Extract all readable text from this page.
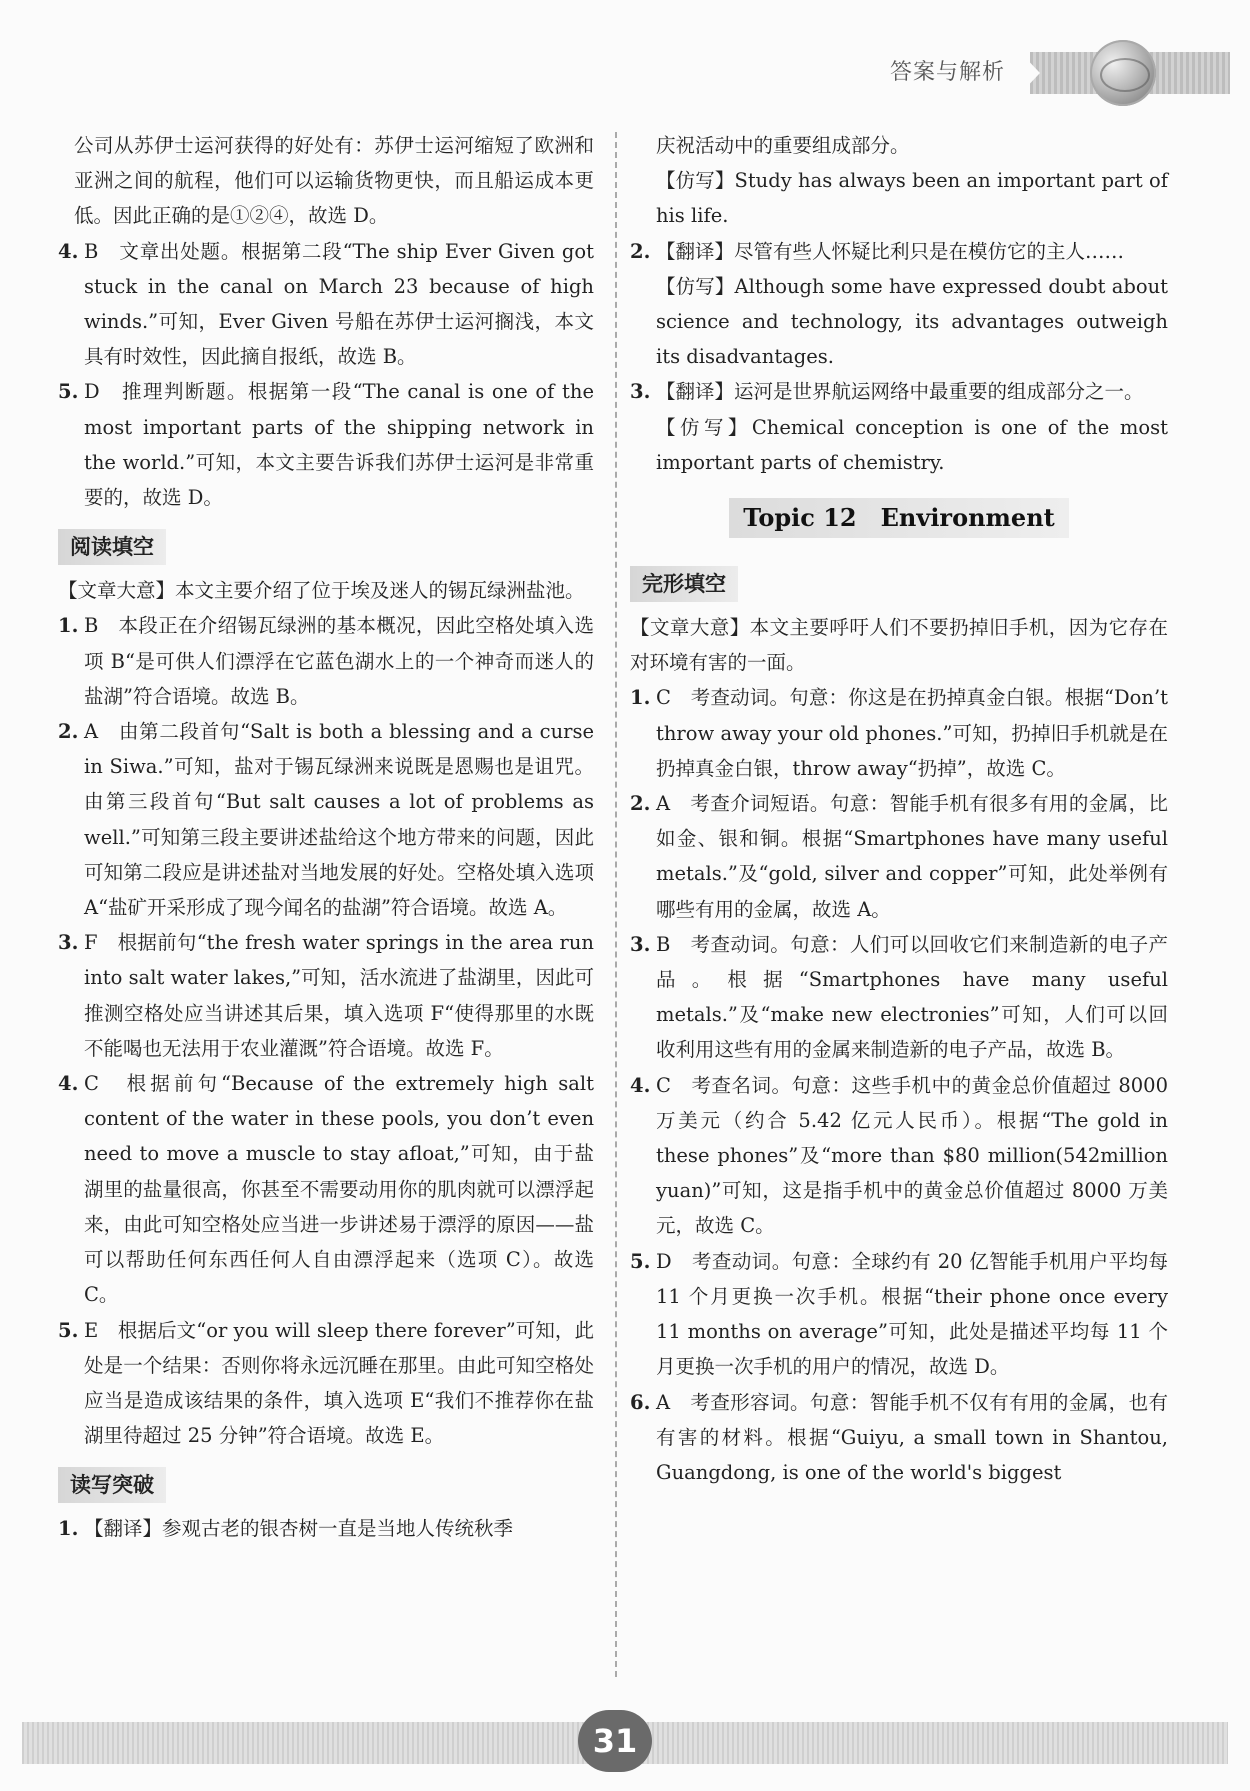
答案与解析
公司从苏伊士运河获得的好处有：苏伊士运河缩短了欧洲和亚洲之间的航程，他们可以运输货物更快，而且船运成本更低。因此正确的是①②④，故选 D。
4. B　文章出处题。根据第二段“The ship Ever Given got stuck in the canal on March 23 because of high winds.”可知，Ever Given 号船在苏伊士运河搁浅，本文具有时效性，因此摘自报纸，故选 B。
5. D　推理判断题。根据第一段“The canal is one of the most important parts of the shipping network in the world.”可知，本文主要告诉我们苏伊士运河是非常重要的，故选 D。
阅读填空
【文章大意】本文主要介绍了位于埃及迷人的锡瓦绿洲盐池。
1. B　本段正在介绍锡瓦绿洲的基本概况，因此空格处填入选项 B“是可供人们漂浮在它蓝色湖水上的一个神奇而迷人的盐湖”符合语境。故选 B。
2. A　由第二段首句“Salt is both a blessing and a curse in Siwa.”可知，盐对于锡瓦绿洲来说既是恩赐也是诅咒。由第三段首句“But salt causes a lot of problems as well.”可知第三段主要讲述盐给这个地方带来的问题，因此可知第二段应是讲述盐对当地发展的好处。空格处填入选项 A“盐矿开采形成了现今闻名的盐湖”符合语境。故选 A。
3. F　根据前句“the fresh water springs in the area run into salt water lakes,”可知，活水流进了盐湖里，因此可推测空格处应当讲述其后果，填入选项 F“使得那里的水既不能喝也无法用于农业灌溉”符合语境。故选 F。
4. C　根据前句“Because of the extremely high salt content of the water in these pools, you don’t even need to move a muscle to stay afloat,”可知，由于盐湖里的盐量很高，你甚至不需要动用你的肌肉就可以漂浮起来，由此可知空格处应当进一步讲述易于漂浮的原因——盐可以帮助任何东西任何人自由漂浮起来（选项 C）。故选 C。
5. E　根据后文“or you will sleep there forever”可知，此处是一个结果：否则你将永远沉睡在那里。由此可知空格处应当是造成该结果的条件，填入选项 E“我们不推荐你在盐湖里待超过 25 分钟”符合语境。故选 E。
读写突破
1. 【翻译】参观古老的银杏树一直是当地人传统秋季
庆祝活动中的重要组成部分。
【仿写】Study has always been an important part of his life.
2. 【翻译】尽管有些人怀疑比利只是在模仿它的主人……
【仿写】Although some have expressed doubt about science and technology, its advantages outweigh its disadvantages.
3. 【翻译】运河是世界航运网络中最重要的组成部分之一。
【仿写】Chemical conception is one of the most important parts of chemistry.
Topic 12　Environment
完形填空
【文章大意】本文主要呼吁人们不要扔掉旧手机，因为它存在对环境有害的一面。
1. C　考查动词。句意：你这是在扔掉真金白银。根据“Don’t throw away your old phones.”可知，扔掉旧手机就是在扔掉真金白银，throw away“扔掉”，故选 C。
2. A　考查介词短语。句意：智能手机有很多有用的金属，比如金、银和铜。根据“Smartphones have many useful metals.”及“gold, silver and copper”可知，此处举例有哪些有用的金属，故选 A。
3. B　考查动词。句意：人们可以回收它们来制造新的电子产品。根据“Smartphones have many useful metals.”及“make new electronies”可知，人们可以回收利用这些有用的金属来制造新的电子产品，故选 B。
4. C　考查名词。句意：这些手机中的黄金总价值超过 8000 万美元（约合 5.42 亿元人民币）。根据“The gold in these phones”及“more than $80 million(542million yuan)”可知，这是指手机中的黄金总价值超过 8000 万美元，故选 C。
5. D　考查动词。句意：全球约有 20 亿智能手机用户平均每 11 个月更换一次手机。根据“their phone once every 11 months on average”可知，此处是描述平均每 11 个月更换一次手机的用户的情况，故选 D。
6. A　考查形容词。句意：智能手机不仅有有用的金属，也有有害的材料。根据“Guiyu, a small town in Shantou, Guangdong, is one of the world's biggest
31
